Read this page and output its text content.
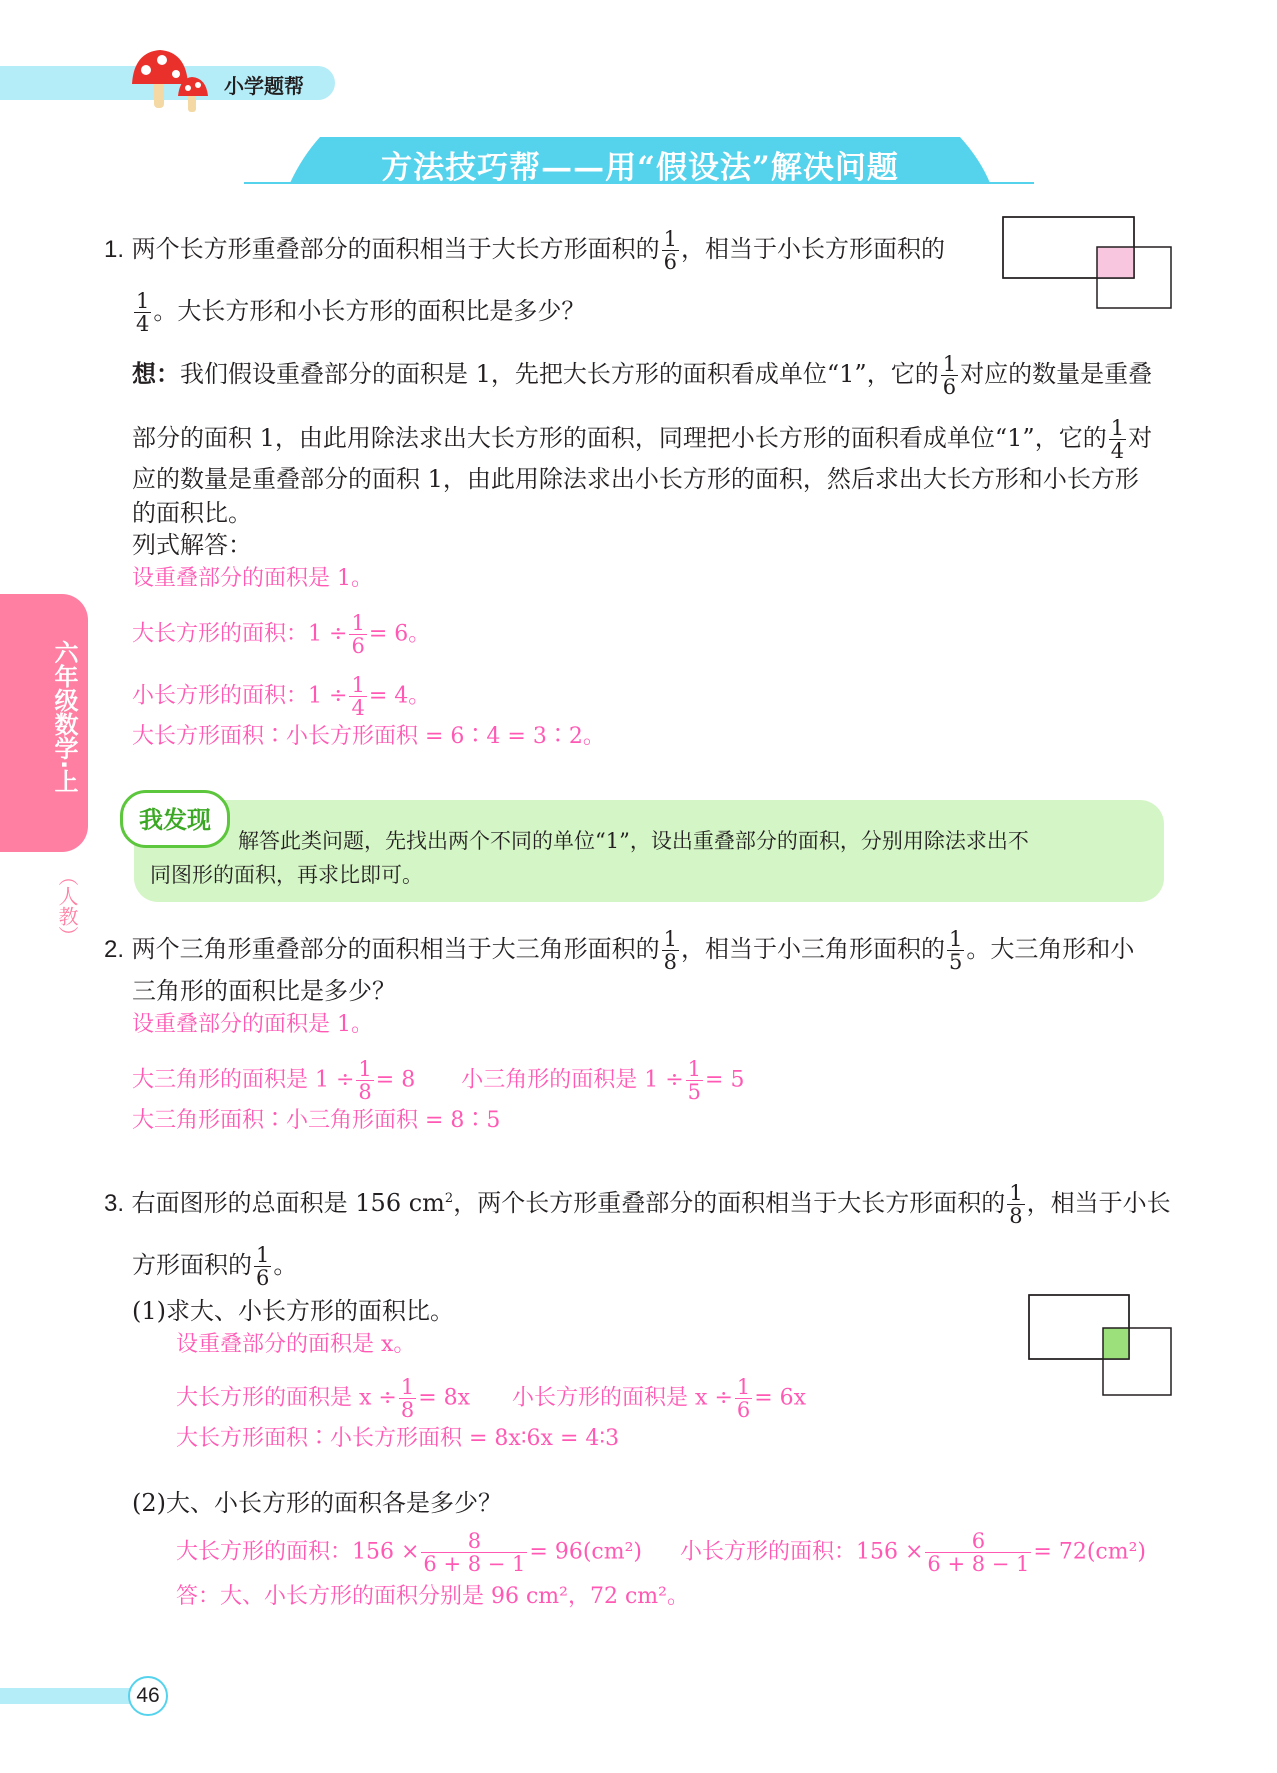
小学题帮
方法技巧帮——用“假设法”解决问题
六年级数学·上
（人教）
1. 两个长方形重叠部分的面积相当于大长方形面积的 $\frac{1}{6}$ ，相当于小长方形面积的
$\frac{1}{4}$ 。大长方形和小长方形的面积比是多少？
想：我们假设重叠部分的面积是 1，先把大长方形的面积看成单位“1”，它的 $\frac{1}{6}$ 对应的数量是重叠
部分的面积 1，由此用除法求出大长方形的面积，同理把小长方形的面积看成单位“1”，它的 $\frac{1}{4}$ 对
应的数量是重叠部分的面积 1，由此用除法求出小长方形的面积，然后求出大长方形和小长方形
的面积比。
列式解答：
设重叠部分的面积是 1。
大长方形的面积：$1 \div \frac{1}{6} = 6$。
小长方形的面积：$1 \div \frac{1}{4} = 4$。
大长方形面积∶小长方形面积 = 6∶4 = 3∶2。
我发现
解答此类问题，先找出两个不同的单位“1”，设出重叠部分的面积，分别用除法求出不
同图形的面积，再求比即可。
2. 两个三角形重叠部分的面积相当于大三角形面积的 $\frac{1}{8}$ ，相当于小三角形面积的 $\frac{1}{5}$ 。大三角形和小
三角形的面积比是多少？
设重叠部分的面积是 1。
大三角形的面积是 $1 \div \frac{1}{8} = 8$ 小三角形的面积是 $1 \div \frac{1}{5} = 5$
大三角形面积∶小三角形面积 = 8∶5
3. 右面图形的总面积是 156 $cm^2$，两个长方形重叠部分的面积相当于大长方形面积的 $\frac{1}{8}$ ，相当于小长
方形面积的 $\frac{1}{6}$ 。
(1)求大、小长方形的面积比。
设重叠部分的面积是 x。
大长方形的面积是 $x \div \frac{1}{8} = 8x$ 小长方形的面积是 $x \div \frac{1}{6} = 6x$
大长方形面积∶小长方形面积 = 8x∶6x = 4∶3
(2)大、小长方形的面积各是多少？
大长方形的面积：$156 \times \frac{8}{6 + 8 - 1} = 96(cm^2)$ 小长方形的面积：$156 \times \frac{6}{6 + 8 - 1} = 72(cm^2)$
答：大、小长方形的面积分别是 96 cm²，72 cm²。
46
